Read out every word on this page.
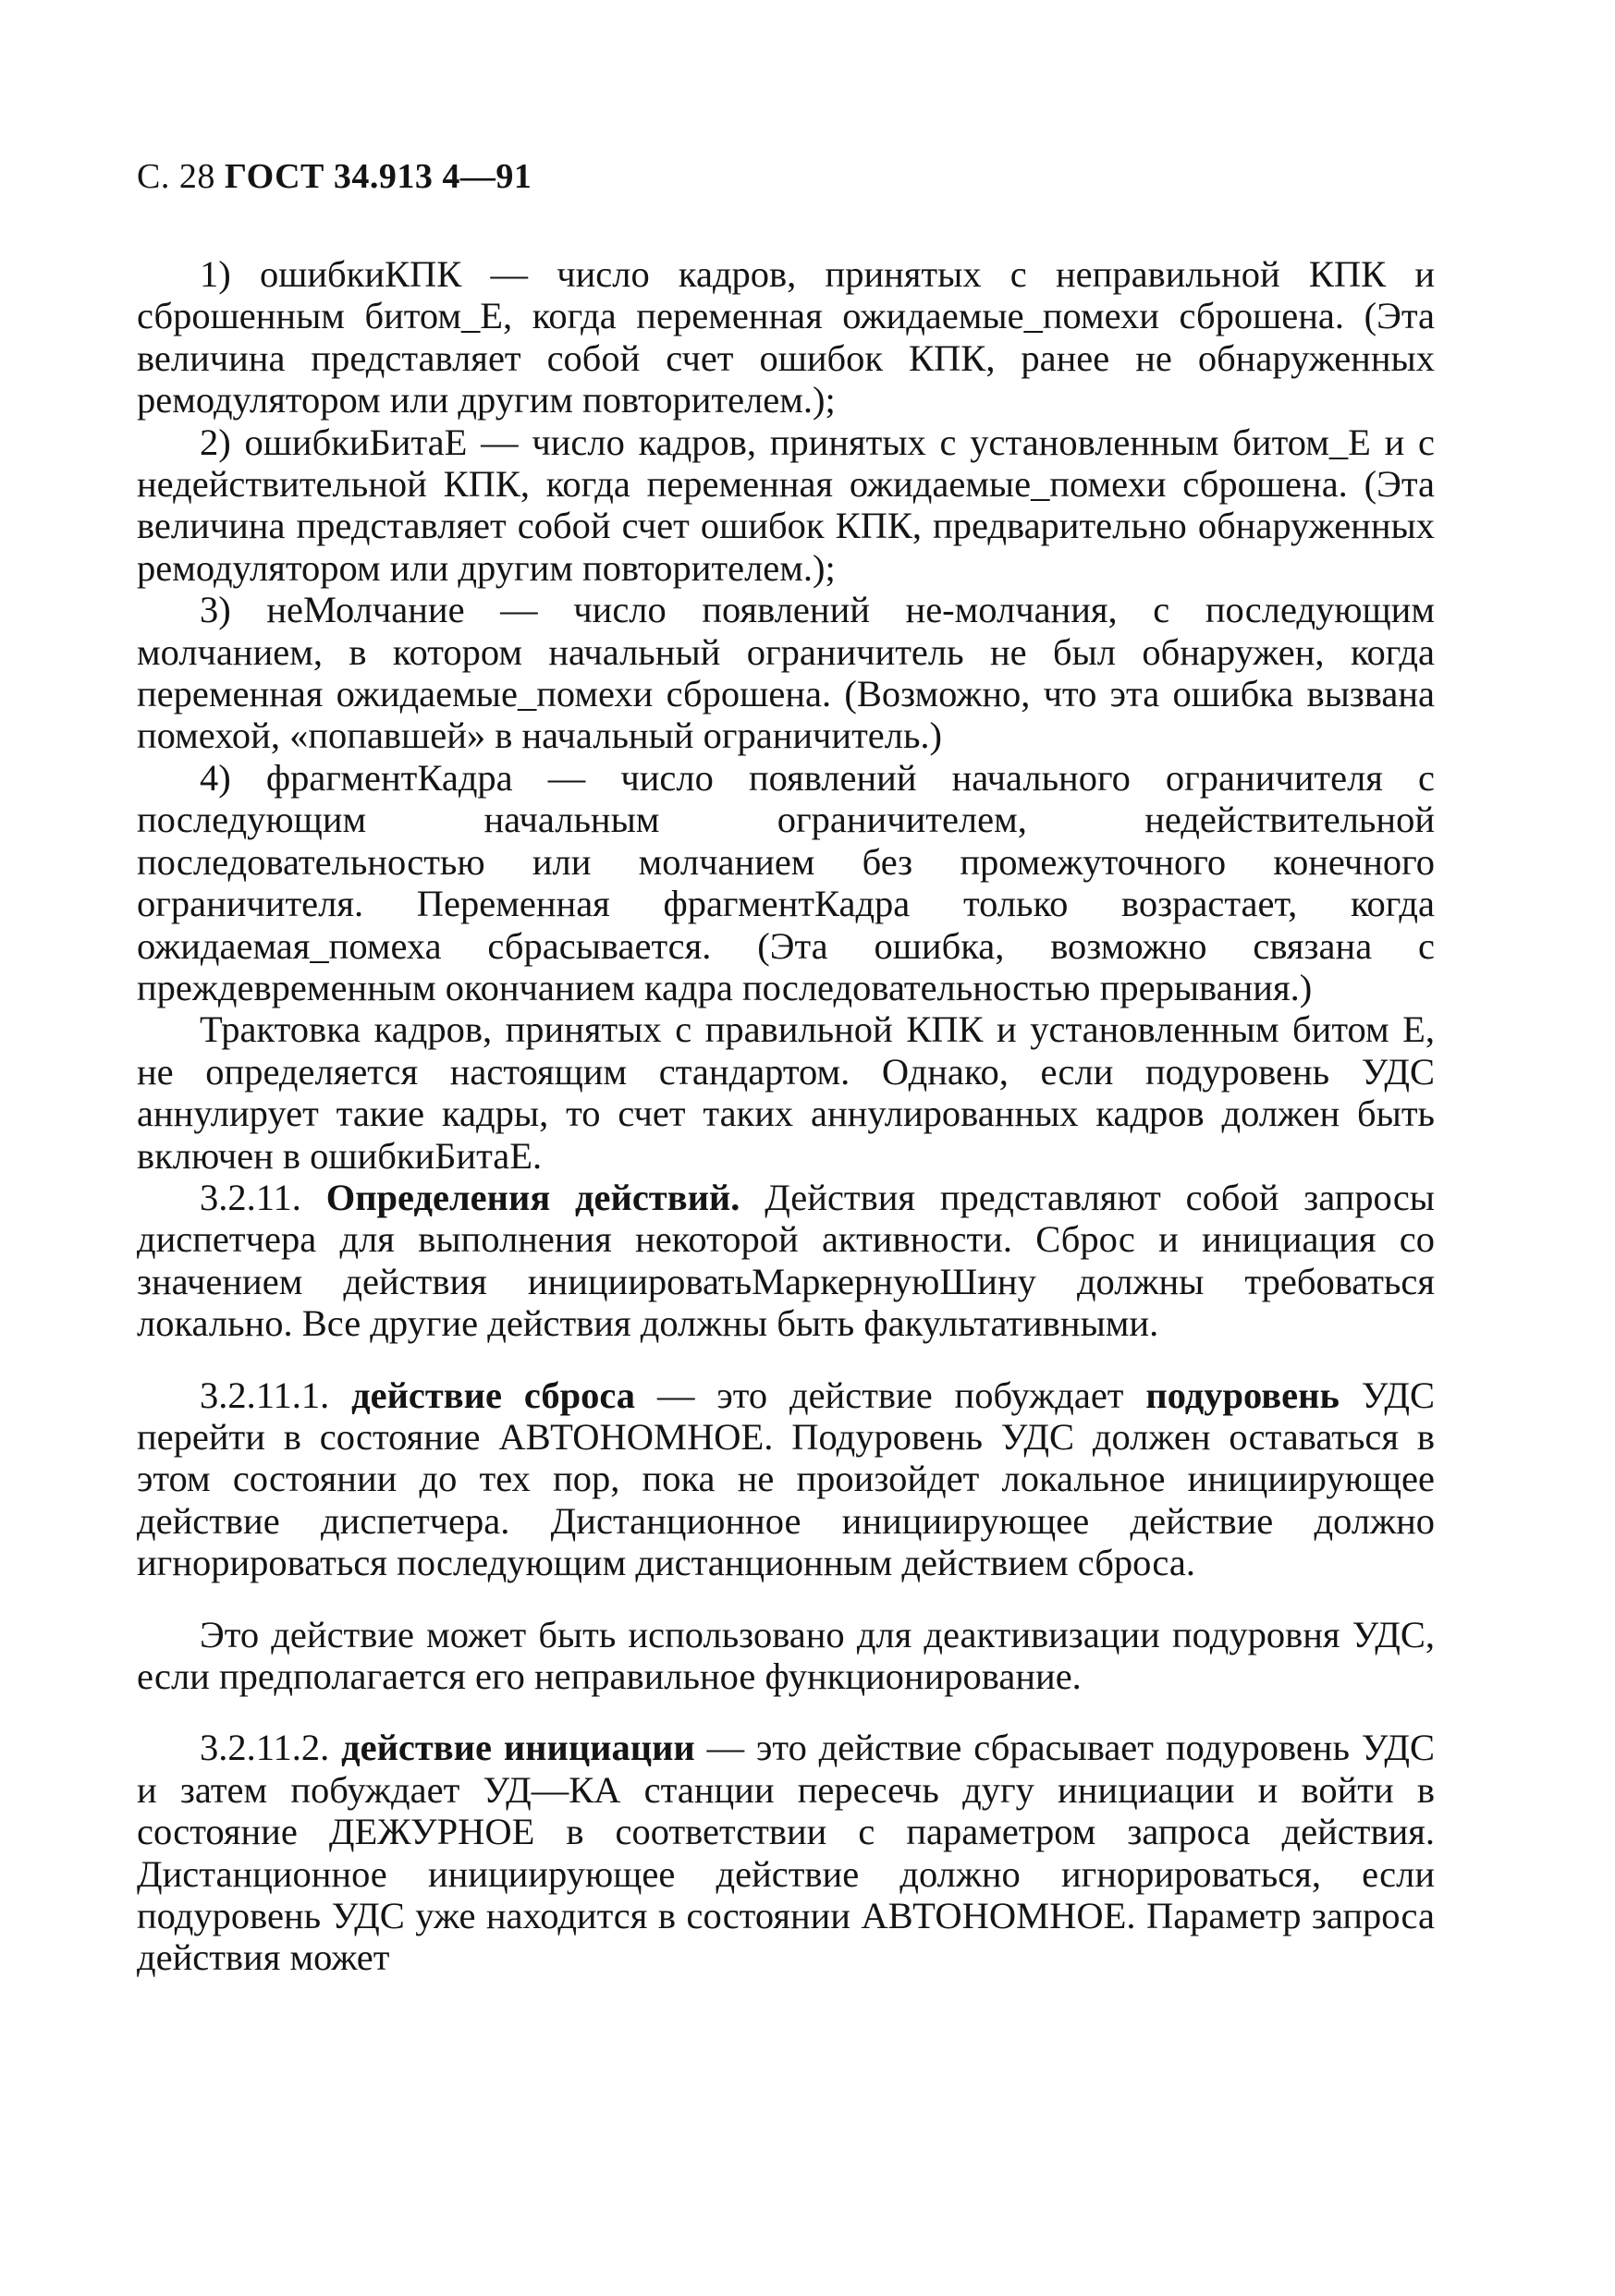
С. 28 ГОСТ 34.913 4—91

1) ошибкиКПК — число кадров, принятых с неправильной КПК и сброшенным битом_Е, когда переменная ожидаемые_помехи сброшена. (Эта величина представляет собой счет ошибок КПК, ранее не обнаруженных ремодулятором или другим повторителем.);

2) ошибкиБитаЕ — число кадров, принятых с установленным битом_Е и с недействительной КПК, когда переменная ожидаемые_помехи сброшена. (Эта величина представляет собой счет ошибок КПК, предварительно обнаруженных ремодулятором или другим повторителем.);

3) неМолчание — число появлений не-молчания, с последующим молчанием, в котором начальный ограничитель не был обнаружен, когда переменная ожидаемые_помехи сброшена. (Возможно, что эта ошибка вызвана помехой, «попавшей» в начальный ограничитель.)

4) фрагментКадра — число появлений начального ограничителя с последующим начальным ограничителем, недействительной последовательностью или молчанием без промежуточного конечного ограничителя. Переменная фрагментКадра только возрастает, когда ожидаемая_помеха сбрасывается. (Эта ошибка, возможно связана с преждевременным окончанием кадра последовательностью прерывания.)

Трактовка кадров, принятых с правильной КПК и установленным битом Е, не определяется настоящим стандартом. Однако, если подуровень УДС аннулирует такие кадры, то счет таких аннулированных кадров должен быть включен в ошибкиБитаЕ.

3.2.11. Определения действий. Действия представляют собой запросы диспетчера для выполнения некоторой активности. Сброс и инициация со значением действия инициироватьМаркернуюШину должны требоваться локально. Все другие действия должны быть факультативными.

3.2.11.1. действие сброса — это действие побуждает подуровень УДС перейти в состояние АВТОНОМНОЕ. Подуровень УДС должен оставаться в этом состоянии до тех пор, пока не произойдет локальное инициирующее действие диспетчера. Дистанционное инициирующее действие должно игнорироваться последующим дистанционным действием сброса.

Это действие может быть использовано для деактивизации подуровня УДС, если предполагается его неправильное функционирование.

3.2.11.2. действие инициации — это действие сбрасывает подуровень УДС и затем побуждает УД—КА станции пересечь дугу инициации и войти в состояние ДЕЖУРНОЕ в соответствии с параметром запроса действия. Дистанционное инициирующее действие должно игнорироваться, если подуровень УДС уже находится в состоянии АВТОНОМНОЕ. Параметр запроса действия может
